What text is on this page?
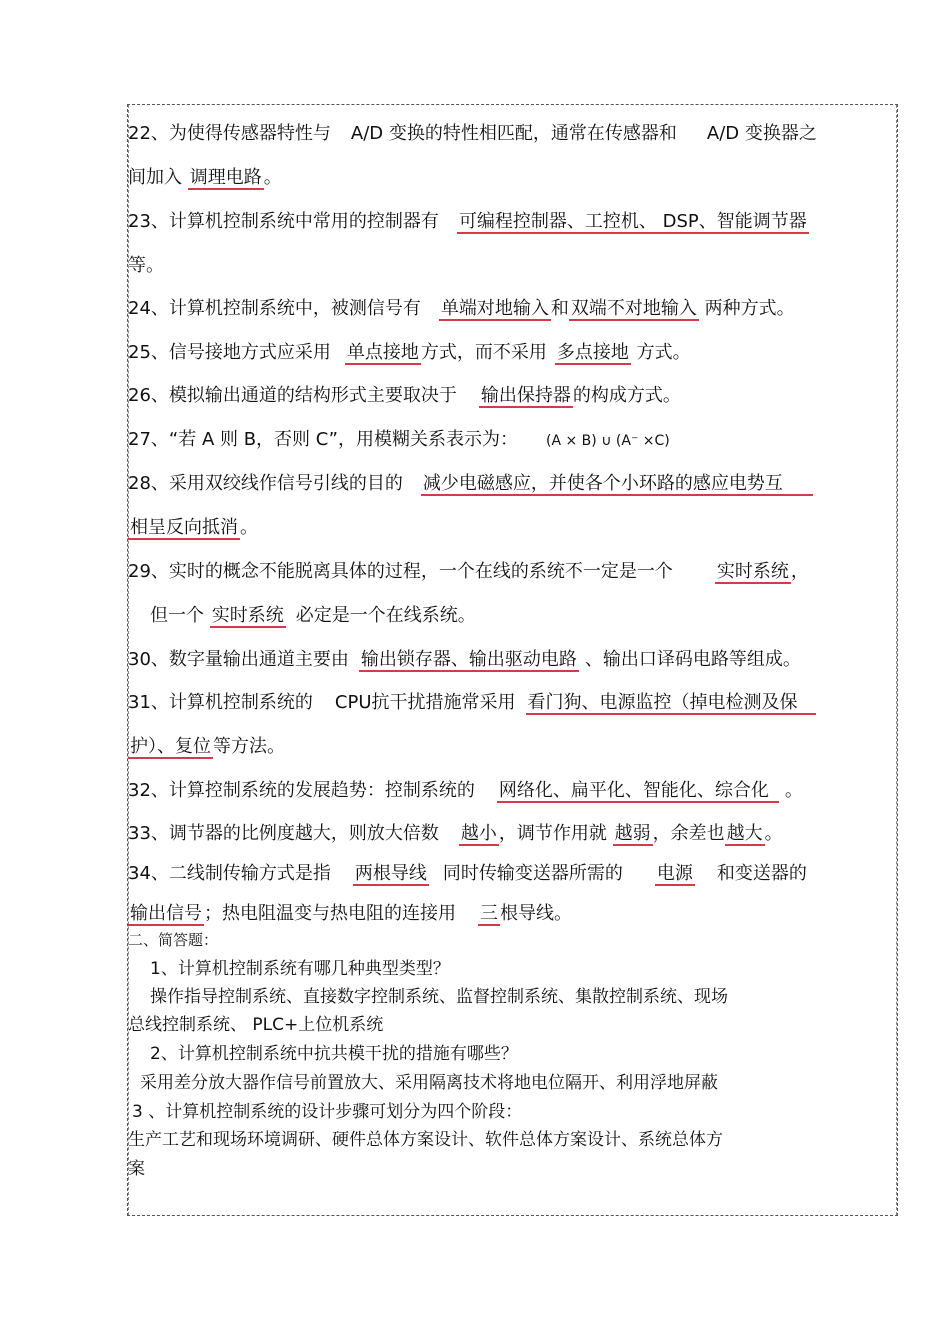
22、为使得传感器特性与 A/D 变换的特性相匹配，通常在传感器和 A/D 变换器之
间加入 调理电路 。
23、计算机控制系统中常用的控制器有 可编程控制器、工控机、 DSP、智能调节器
等。
24、计算机控制系统中，被测信号有 单端对地输入 和 双端不对地输入 两种方式。
25、信号接地方式应采用 单点接地 方式，而不采用 多点接地 方式。
26、模拟输出通道的结构形式主要取决于 输出保持器 的构成方式。
27、“若 A 则 B，否则 C”，用模糊关系表示为： (A × B) ∪ (A⁻ ×C)
28、采用双绞线作信号引线的目的 减少电磁感应，并使各个小环路的感应电势互
相呈反向抵消 。
29、实时的概念不能脱离具体的过程，一个在线的系统不一定是一个 实时系统 ，
但一个 实时系统 必定是一个在线系统。
30、数字量输出通道主要由 输出锁存器、输出驱动电路 、输出口译码电路等组成。
31、计算机控制系统的 CPU抗干扰措施常采用 看门狗、电源监控（掉电检测及保
护）、复位 等方法。
32、计算控制系统的发展趋势：控制系统的 网络化、扁平化、智能化、综合化 。
33、调节器的比例度越大，则放大倍数 越小 ，调节作用就 越弱 ，余差也 越大 。
34、二线制传输方式是指 两根导线 同时传输变送器所需的 电源 和变送器的
输出信号 ；热电阻温变与热电阻的连接用 三 根导线。
二、简答题：
1、计算机控制系统有哪几种典型类型？
操作指导控制系统、直接数字控制系统、监督控制系统、集散控制系统、现场
总线控制系统、 PLC+上位机系统
2、计算机控制系统中抗共模干扰的措施有哪些？
采用差分放大器作信号前置放大、采用隔离技术将地电位隔开、利用浮地屏蔽
3 、计算机控制系统的设计步骤可划分为四个阶段：
生产工艺和现场环境调研、硬件总体方案设计、软件总体方案设计、系统总体方
案
